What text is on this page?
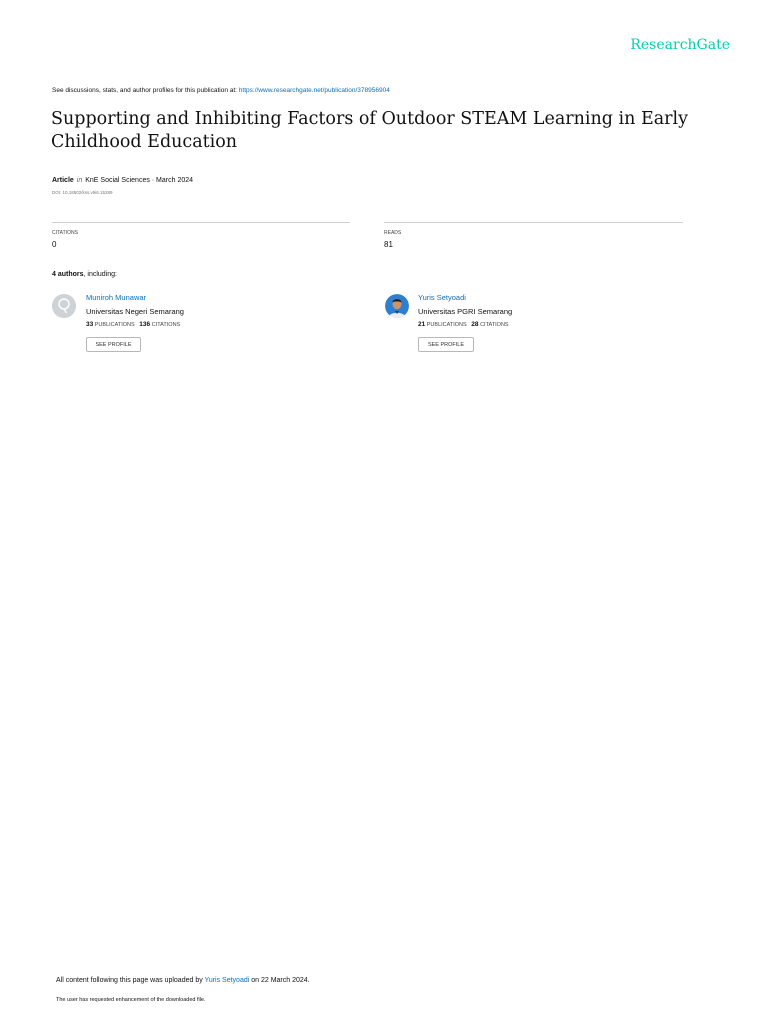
ResearchGate
See discussions, stats, and author profiles for this publication at: https://www.researchgate.net/publication/378956904
Supporting and Inhibiting Factors of Outdoor STEAM Learning in Early Childhood Education
Article in KnE Social Sciences · March 2024
DOI: 10.18502/kss.v9i6.15289
CITATIONS
0
READS
81
4 authors, including:
Muniroh Munawar
Universitas Negeri Semarang
33 PUBLICATIONS 136 CITATIONS
SEE PROFILE
Yuris Setyoadi
Universitas PGRI Semarang
21 PUBLICATIONS 28 CITATIONS
SEE PROFILE
All content following this page was uploaded by Yuris Setyoadi on 22 March 2024.
The user has requested enhancement of the downloaded file.
